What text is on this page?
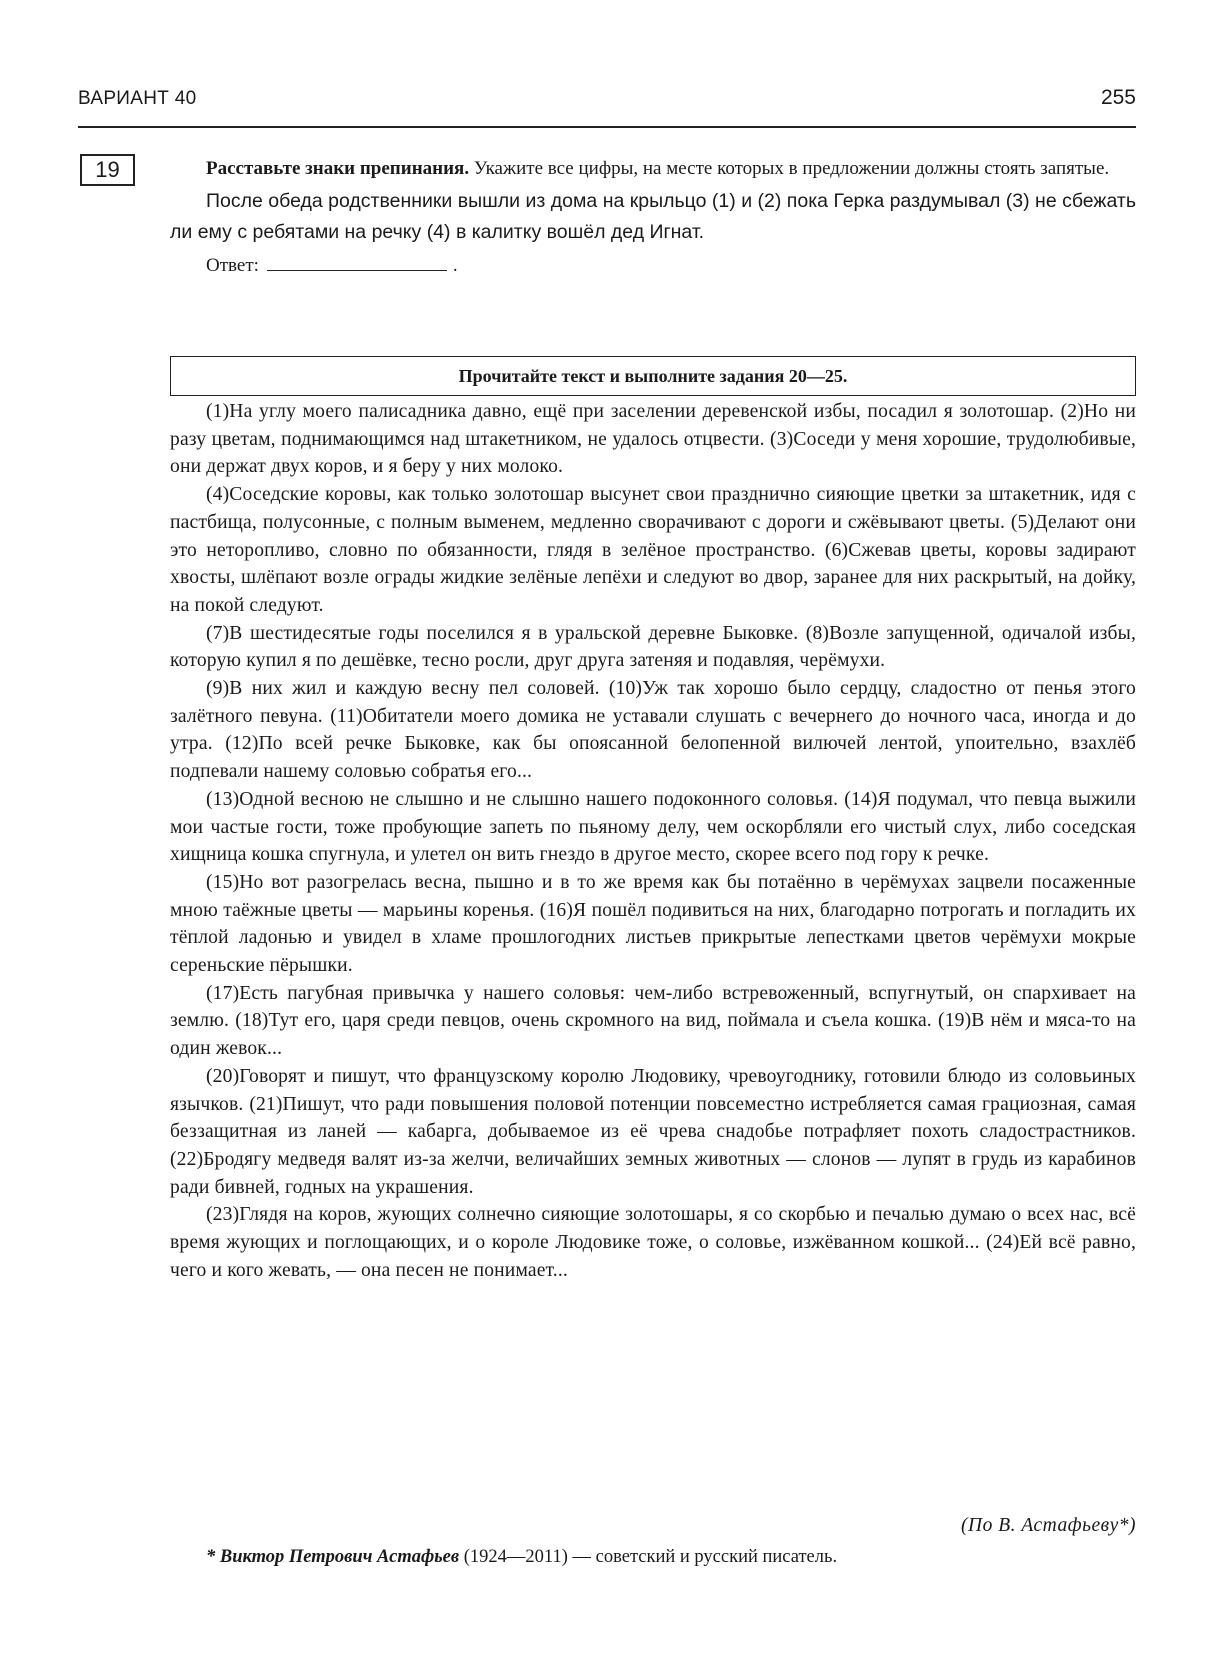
ВАРИАНТ 40	255
19	Расставьте знаки препинания. Укажите все цифры, на месте которых в предложении должны стоять запятые.

После обеда родственники вышли из дома на крыльцо (1) и (2) пока Герка раздумывал (3) не сбежать ли ему с ребятами на речку (4) в калитку вошёл дед Игнат.

Ответ:	.

Прочитайте текст и выполните задания 20—25.

(1)На углу моего палисадника давно, ещё при заселении деревенской избы, посадил я золотошар. (2)Но ни разу цветам, поднимающимся над штакетником, не удалось отцвести. (3)Соседи у меня хорошие, трудолюбивые, они держат двух коров, и я беру у них молоко.

(4)Соседские коровы, как только золотошар высунет свои празднично сияющие цветки за штакетник, идя с пастбища, полусонные, с полным выменем, медленно сворачивают с дороги и сжёвывают цветы. (5)Делают они это неторопливо, словно по обязанности, глядя в зелёное пространство. (6)Сжевав цветы, коровы задирают хвосты, шлёпают возле ограды жидкие зелёные лепёхи и следуют во двор, заранее для них раскрытый, на дойку, на покой следуют.

(7)В шестидесятые годы поселился я в уральской деревне Быковке. (8)Возле запущенной, одичалой избы, которую купил я по дешёвке, тесно росли, друг друга затеняя и подавляя, черёмухи.

(9)В них жил и каждую весну пел соловей. (10)Уж так хорошо было сердцу, сладостно от пенья этого залётного певуна. (11)Обитатели моего домика не уставали слушать с вечернего до ночного часа, иногда и до утра. (12)По всей речке Быковке, как бы опоясанной белопенной вилючей лентой, упоительно, взахлёб подпевали нашему соловью собратья его...

(13)Одной весною не слышно и не слышно нашего подоконного соловья. (14)Я подумал, что певца выжили мои частые гости, тоже пробующие запеть по пьяному делу, чем оскорбляли его чистый слух, либо соседская хищница кошка спугнула, и улетел он вить гнездо в другое место, скорее всего под гору к речке.

(15)Но вот разогрелась весна, пышно и в то же время как бы потаённо в черёмухах зацвели посаженные мною таёжные цветы — марьины коренья. (16)Я пошёл подивиться на них, благодарно потрогать и погладить их тёплой ладонью и увидел в хламе прошлогодних листьев прикрытые лепестками цветов черёмухи мокрые сереньские пёрышки.

(17)Есть пагубная привычка у нашего соловья: чем-либо встревоженный, вспугнутый, он спархивает на землю. (18)Тут его, царя среди певцов, очень скромного на вид, поймала и съела кошка. (19)В нём и мяса-то на один жевок...

(20)Говорят и пишут, что французскому королю Людовику, чревоугоднику, готовили блюдо из соловьиных язычков. (21)Пишут, что ради повышения половой потенции повсеместно истребляется самая грациозная, самая беззащитная из ланей — кабарга, добываемое из её чрева снадобье потрафляет похоть сладострастников. (22)Бродягу медведя валят из-за желчи, величайших земных животных — слонов — лупят в грудь из карабинов ради бивней, годных на украшения.

(23)Глядя на коров, жующих солнечно сияющие золотошары, я со скорбью и печалью думаю о всех нас, всё время жующих и поглощающих, и о короле Людовике тоже, о соловье, изжёванном кошкой... (24)Ей всё равно, чего и кого жевать, — она песен не понимает...

(По В. Астафьеву*)
* Виктор Петрович Астафьев (1924—2011) — советский и русский писатель.
